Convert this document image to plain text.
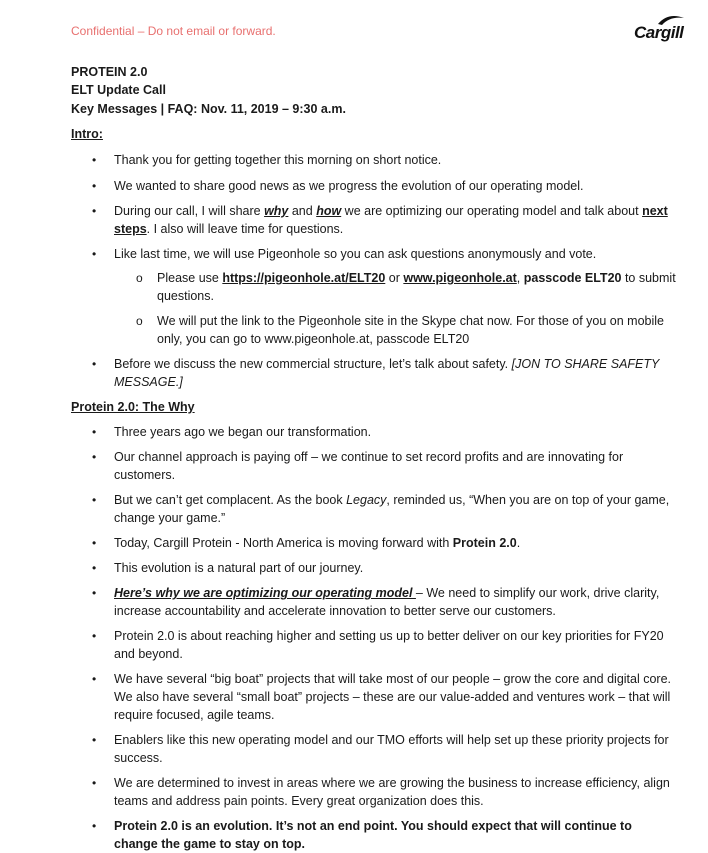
Confidential – Do not email or forward.	Cargill
PROTEIN 2.0
ELT Update Call
Key Messages | FAQ: Nov. 11, 2019 – 9:30 a.m.
Intro:
• Thank you for getting together this morning on short notice.
• We wanted to share good news as we progress the evolution of our operating model.
• During our call, I will share why and how we are optimizing our operating model and talk about next steps. I also will leave time for questions.
• Like last time, we will use Pigeonhole so you can ask questions anonymously and vote.
o Please use https://pigeonhole.at/ELT20 or www.pigeonhole.at, passcode ELT20 to submit questions.
o We will put the link to the Pigeonhole site in the Skype chat now. For those of you on mobile only, you can go to www.pigeonhole.at, passcode ELT20
• Before we discuss the new commercial structure, let’s talk about safety. [JON TO SHARE SAFETY MESSAGE.]
Protein 2.0: The Why
• Three years ago we began our transformation.
• Our channel approach is paying off – we continue to set record profits and are innovating for customers.
• But we can’t get complacent. As the book Legacy, reminded us, “When you are on top of your game, change your game.”
• Today, Cargill Protein - North America is moving forward with Protein 2.0.
• This evolution is a natural part of our journey.
• Here’s why we are optimizing our operating model – We need to simplify our work, drive clarity, increase accountability and accelerate innovation to better serve our customers.
• Protein 2.0 is about reaching higher and setting us up to better deliver on our key priorities for FY20 and beyond.
• We have several “big boat” projects that will take most of our people – grow the core and digital core. We also have several “small boat” projects – these are our value-added and ventures work – that will require focused, agile teams.
• Enablers like this new operating model and our TMO efforts will help set up these priority projects for success.
• We are determined to invest in areas where we are growing the business to increase efficiency, align teams and address pain points. Every great organization does this.
• Protein 2.0 is an evolution. It’s not an end point. You should expect that will continue to change the game to stay on top.
